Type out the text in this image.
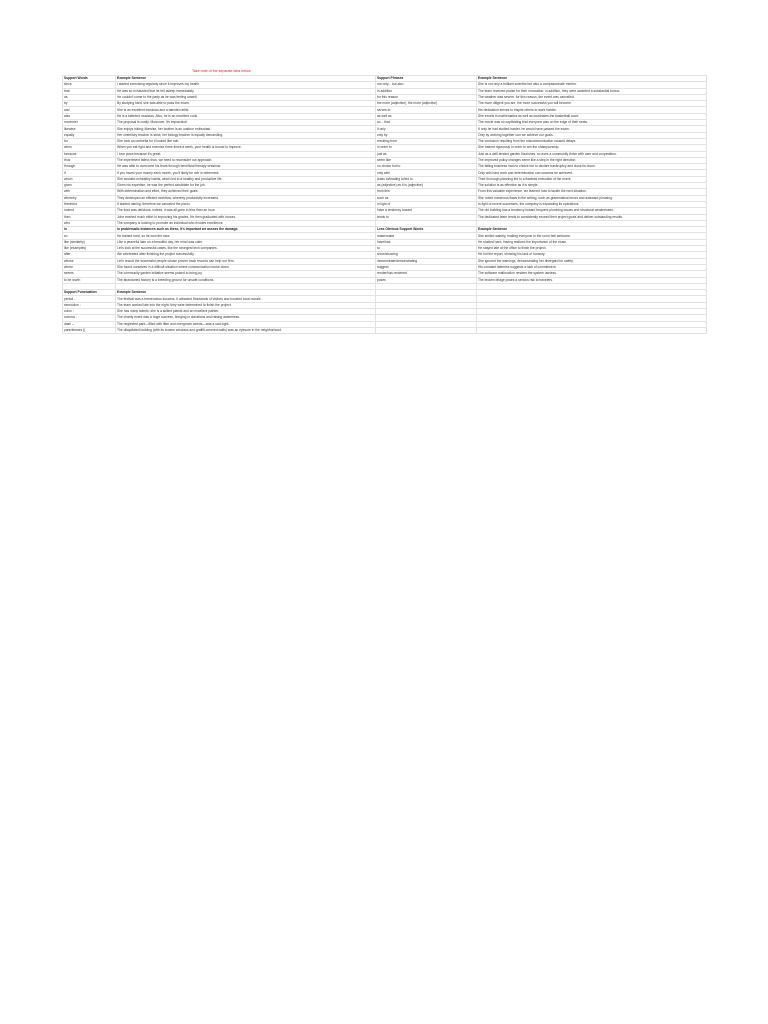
Take note of the separate tabs below
Support Words	Example Sentence	Support Phrases	Example Sentence
since	I started exercising regularly since it improves my health.	not only... but also	She is not only a brilliant scientist but also a compassionate mentor.
that	He was so exhausted that he fell asleep immediately.	in addition	The team received praise for their innovation; in addition, they were awarded a substantial bonus.
as	He couldn't come to the party as he was feeling unwell.	for this reason	The weather was severe, for this reason, the event was cancelled.
by	By studying hard, she was able to pass the exam.	the more (adjective), the more (adjective)	The more diligent you are, the more successful you will become.
and	She is an excellent musician and a talented artist.	serves to	His dedication serves to inspire others to work harder.
also	He is a talented musician. Also, he is an excellent cook.	as well as	She excels in mathematics as well as dominates the basketball court.
moreover	The proposal is costly. Moreover, it's impractical.	so... that	The movie was so captivating that everyone was on the edge of their seats.
likewise	She enjoys hiking; likewise, her brother is an outdoor enthusiast.	if only	If only he had studied harder, he would have passed the exam.
equally	Her chemistry teacher is strict; her biology teacher is equally demanding.	only by	Only by working together can we achieve our goals.
for	She took an umbrella for it looked like rain.	resulting from	The confusion resulting from the miscommunication caused delays.
when	When you eat right and exercise three times a week, your health is bound to improve.	in order to	She trained rigorously in order to win the championship.
because	I love pizza because it's great.	just as	Just as a well-tended garden flourishes, so does a community thrive with care and cooperation.
thus	The experiment failed; thus, we need to reconsider our approach.	seem like	The improved policy changes seem like a step in the right direction.
through	He was able to overcome his fears through beneficial therapy sessions.	no choice but to	The failing business had no choice but to declare bankruptcy and close its doors.
if	If you invest your money each month, you'll likely be rich in retirement.	only with	Only with hard work and determination can success be achieved.
which	She avoided unhealthy habits, which led to a healthy and productive life.	leads to/leading to/led to	Their thorough planning led to a flawless execution of the event.
given	Given his expertise, he was the perfect candidate for the job.	as (adjective) as it is (adjective)	The solution is as effective as it is simple.
with	With determination and effort, they achieved their goals.	from this	From this valuable experience, we learned how to tackle the next situation.
whereby	They developed an efficient workflow, whereby productivity increased.	such as	She noted numerous flaws in the writing, such as grammatical errors and awkward phrasing.
therefore	It started raining, therefore we canceled the picnic.	in light of	In light of recent successes, the company is expanding its operations.
indeed	The food was delicious; indeed, it was all gone in less than an hour.	have a tendency toward	The old building has a tendency toward frequent plumbing issues and structural weaknesses.
then	John exerted much effort in improving his grades. He then graduated with honors.	tends to	The dedicated team tends to consistently exceed their project goals and deliver outstanding results.
who	The company is looking to promote an individual who exudes excellence.		
in	In problematic instances such as these, it's important we assess the damage.	Less Obvious Support Words	Example Sentence
so	He trained hard, so he won the race.	make/made	She smiled warmly, making everyone in the room feel welcome.
like (similarity)	Like a peaceful lake on a beautiful day, her mind was calm.	have/has	He studied hard, having realized the importance of the exam.
like (examples)	Let's look at the successful cases, like the strongest tech companies.	to	He stayed late at the office to finish the project.
after	We celebrated after finishing the project successfully.	show/showing	He hid the report, showing his lack of honesty.
whose	Let's recruit the successful people whose proven track records can help our firm.	demonstrate/demonstrating	She ignored the warnings, demonstrating her disregard for safety.
where	She found ourselves in a difficult situation where communication broke down.	suggest	His constant lateness suggests a lack of commitment.
seems	The community garden initiative seems poised to bring joy.	render/has rendered	The software malfunction renders the system useless.
to be worth	The abandoned factory is a breeding ground for unsafe conditions.	poses	The broken bridge poses a serious risk to travelers.

Support Punctuation	Example Sentence		
period .	The festival was a tremendous success. It attracted thousands of visitors and boosted local morale.		
semicolon ;	The team worked late into the night; they were determined to finish the project.		
colon :	She has many talents: she is a skilled pianist and an excellent painter.		
comma ,	The charity event was a huge success, bringing in donations and raising awareness.		
dash –	The neglected park—filled with litter and overgrown weeds—was a sad sight.		
parentheses ()	The dilapidated building (with its broken windows and graffiti-covered walls) was an eyesore in the neighborhood.		
